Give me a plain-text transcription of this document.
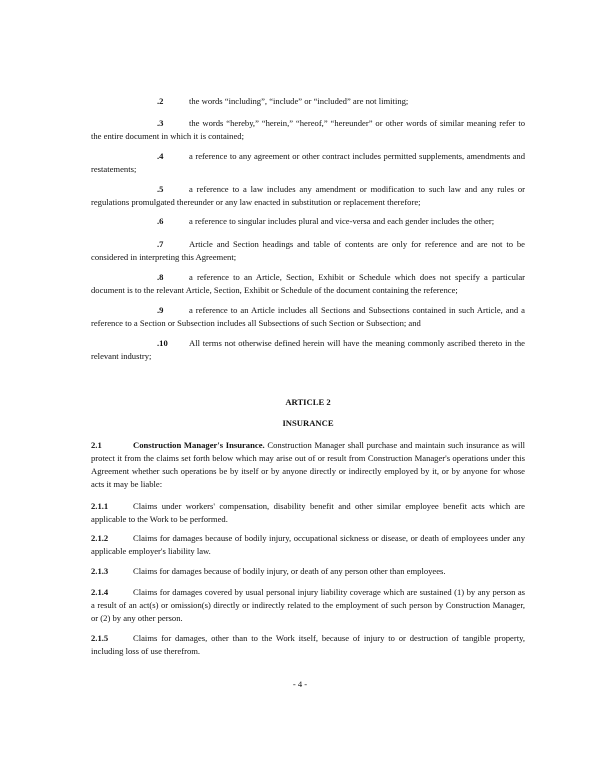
.2	the words “including”, “include” or “included” are not limiting;
.3	the words “hereby,” “herein,” “hereof,” “hereunder” or other words of similar meaning refer to the entire document in which it is contained;
.4	a reference to any agreement or other contract includes permitted supplements, amendments and restatements;
.5	a reference to a law includes any amendment or modification to such law and any rules or regulations promulgated thereunder or any law enacted in substitution or replacement therefore;
.6	a reference to singular includes plural and vice-versa and each gender includes the other;
.7	Article and Section headings and table of contents are only for reference and are not to be considered in interpreting this Agreement;
.8	a reference to an Article, Section, Exhibit or Schedule which does not specify a particular document is to the relevant Article, Section, Exhibit or Schedule of the document containing the reference;
.9	a reference to an Article includes all Sections and Subsections contained in such Article, and a reference to a Section or Subsection includes all Subsections of such Section or Subsection; and
.10 All terms not otherwise defined herein will have the meaning commonly ascribed thereto in the relevant industry;
ARTICLE 2
INSURANCE
2.1	Construction Manager's Insurance. Construction Manager shall purchase and maintain such insurance as will protect it from the claims set forth below which may arise out of or result from Construction Manager's operations under this Agreement whether such operations be by itself or by anyone directly or indirectly employed by it, or by anyone for whose acts it may be liable:
2.1.1	Claims under workers' compensation, disability benefit and other similar employee benefit acts which are applicable to the Work to be performed.
2.1.2	Claims for damages because of bodily injury, occupational sickness or disease, or death of employees under any applicable employer's liability law.
2.1.3	Claims for damages because of bodily injury, or death of any person other than employees.
2.1.4	Claims for damages covered by usual personal injury liability coverage which are sustained (1) by any person as a result of an act(s) or omission(s) directly or indirectly related to the employment of such person by Construction Manager, or (2) by any other person.
2.1.5	Claims for damages, other than to the Work itself, because of injury to or destruction of tangible property, including loss of use therefrom.
- 4 -
